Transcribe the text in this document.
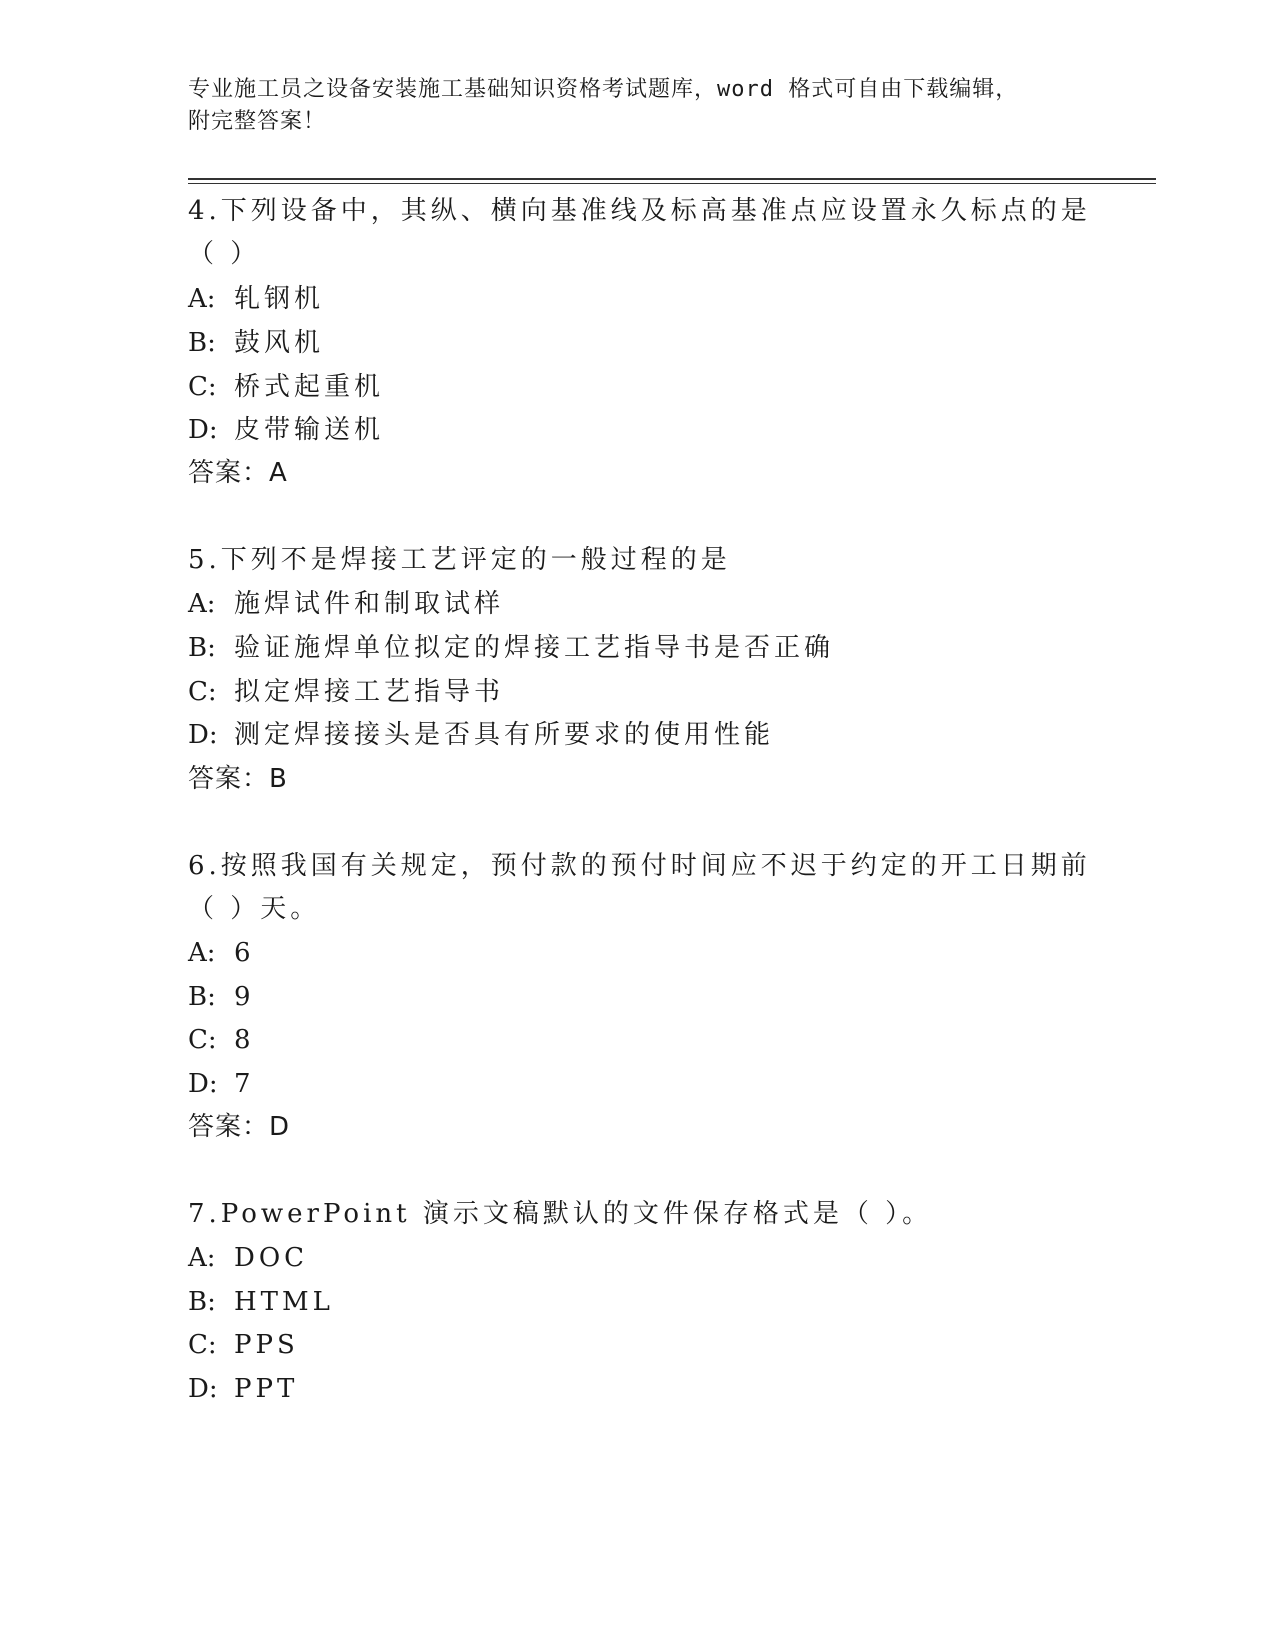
专业施工员之设备安装施工基础知识资格考试题库，word 格式可自由下载编辑，
附完整答案！
4.下列设备中，其纵、横向基准线及标高基准点应设置永久标点的是
（ ）
A: 轧钢机
B: 鼓风机
C: 桥式起重机
D: 皮带输送机
答案：A
5.下列不是焊接工艺评定的一般过程的是
A: 施焊试件和制取试样
B: 验证施焊单位拟定的焊接工艺指导书是否正确
C: 拟定焊接工艺指导书
D: 测定焊接接头是否具有所要求的使用性能
答案：B
6.按照我国有关规定，预付款的预付时间应不迟于约定的开工日期前
（ ）天。
A: 6
B: 9
C: 8
D: 7
答案：D
7.PowerPoint 演示文稿默认的文件保存格式是（ ）。
A: DOC
B: HTML
C: PPS
D: PPT
